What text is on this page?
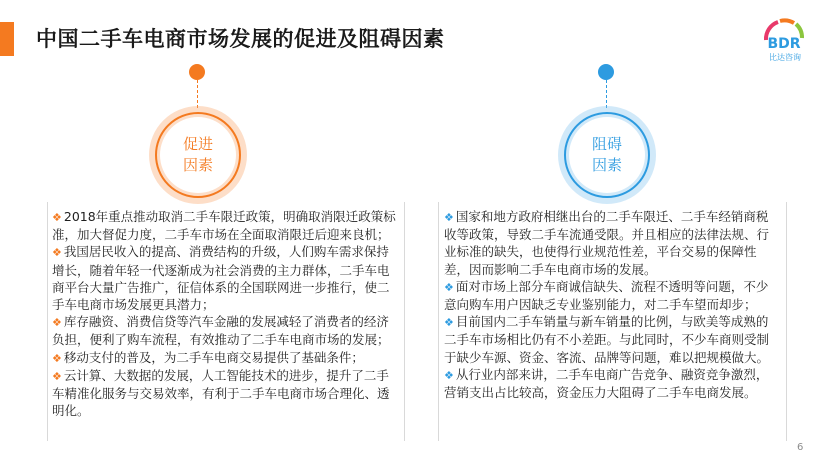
中国二手车电商市场发展的促进及阻碍因素	BDR
比达咨询
促进
因素
阻碍
因素

❖ 2018年重点推动取消二手车限迁政策，明确取消限迁政策标准，加大督促力度，二手车市场在全面取消限迁后迎来良机；

❖ 我国居民收入的提高、消费结构的升级，人们购车需求保持增长，随着年轻一代逐渐成为社会消费的主力群体，二手车电商平台大量广告推广，征信体系的全国联网进一步推行，使二手车电商市场发展更具潜力；

❖ 库存融资、消费信贷等汽车金融的发展减轻了消费者的经济负担，便利了购车流程，有效推动了二手车电商市场的发展；

❖ 移动支付的普及，为二手车电商交易提供了基础条件；

❖ 云计算、大数据的发展，人工智能技术的进步，提升了二手车精准化服务与交易效率，有利于二手车电商市场合理化、透明化。

❖ 国家和地方政府相继出台的二手车限迁、二手车经销商税收等政策，导致二手车流通受限。并且相应的法律法规、行业标准的缺失，也使得行业规范性差，平台交易的保障性差，因而影响二手车电商市场的发展。

❖ 面对市场上部分车商诚信缺失、流程不透明等问题，不少意向购车用户因缺乏专业鉴别能力，对二手车望而却步；

❖ 目前国内二手车销量与新车销量的比例，与欧美等成熟的二手车市场相比仍有不小差距。与此同时，不少车商则受制于缺少车源、资金、客流、品牌等问题，难以把规模做大。

❖ 从行业内部来讲，二手车电商广告竞争、融资竞争激烈，营销支出占比较高，资金压力大阻碍了二手车电商发展。

6
